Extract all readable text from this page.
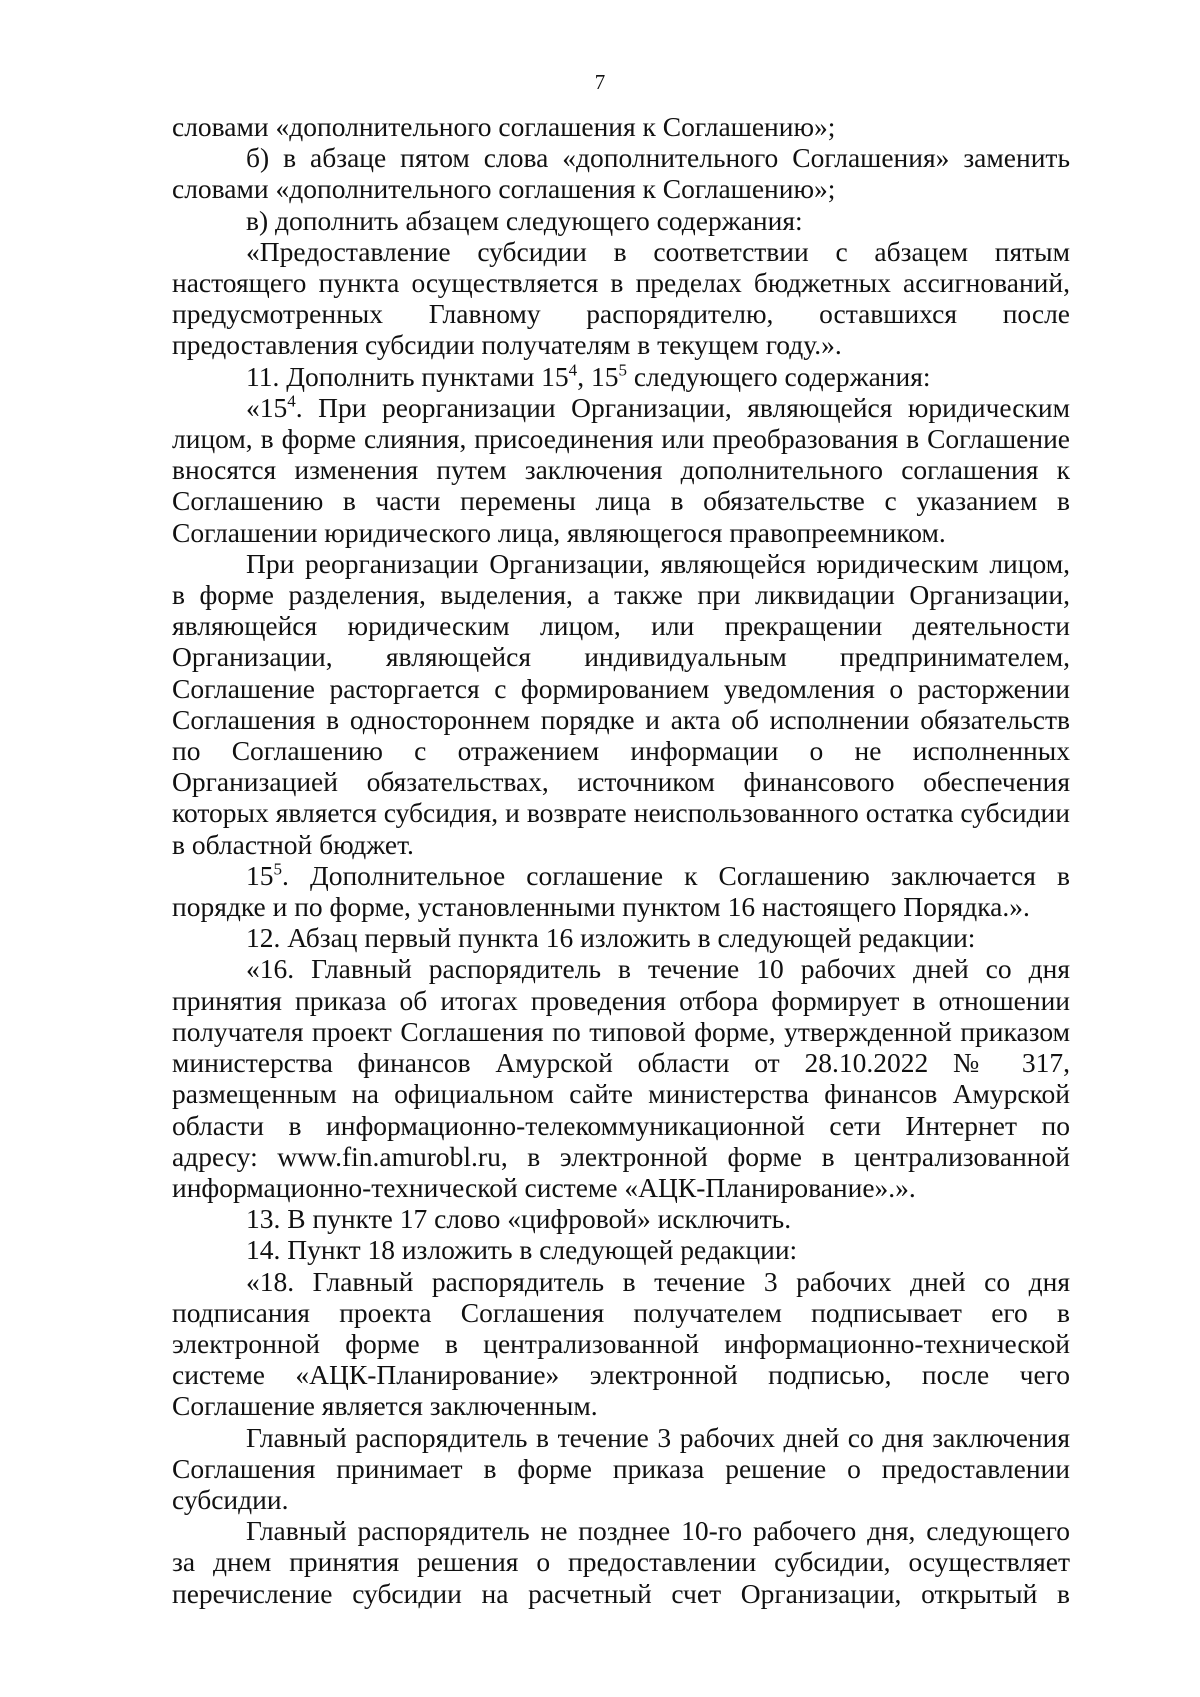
7

словами «дополнительного соглашения к Соглашению»;

б) в абзаце пятом слова «дополнительного Соглашения» заменить словами «дополнительного соглашения к Соглашению»;

в) дополнить абзацем следующего содержания:

«Предоставление субсидии в соответствии с абзацем пятым настоящего пункта осуществляется в пределах бюджетных ассигнований, предусмотренных Главному распорядителю, оставшихся после предоставления субсидии получателям в текущем году.».

11. Дополнить пунктами $15^4$, $15^5$ следующего содержания:

«$15^4$. При реорганизации Организации, являющейся юридическим лицом, в форме слияния, присоединения или преобразования в Соглашение вносятся изменения путем заключения дополнительного соглашения к Соглашению в части перемены лица в обязательстве с указанием в Соглашении юридического лица, являющегося правопреемником.

При реорганизации Организации, являющейся юридическим лицом, в форме разделения, выделения, а также при ликвидации Организации, являющейся юридическим лицом, или прекращении деятельности Организации, являющейся индивидуальным предпринимателем, Соглашение расторгается с формированием уведомления о расторжении Соглашения в одностороннем порядке и акта об исполнении обязательств по Соглашению с отражением информации о не исполненных Организацией обязательствах, источником финансового обеспечения которых является субсидия, и возврате неиспользованного остатка субсидии в областной бюджет.

$15^5$. Дополнительное соглашение к Соглашению заключается в порядке и по форме, установленными пунктом 16 настоящего Порядка.».

12. Абзац первый пункта 16 изложить в следующей редакции:

«16. Главный распорядитель в течение 10 рабочих дней со дня принятия приказа об итогах проведения отбора формирует в отношении получателя проект Соглашения по типовой форме, утвержденной приказом министерства финансов Амурской области от 28.10.2022 № 317, размещенным на официальном сайте министерства финансов Амурской области в информационно-телекоммуникационной сети Интернет по адресу: www.fin.amurobl.ru, в электронной форме в централизованной информационно-технической системе «АЦК-Планирование».».

13. В пункте 17 слово «цифровой» исключить.

14. Пункт 18 изложить в следующей редакции:

«18. Главный распорядитель в течение 3 рабочих дней со дня подписания проекта Соглашения получателем подписывает его в электронной форме в централизованной информационно-технической системе «АЦК-Планирование» электронной подписью, после чего Соглашение является заключенным.

Главный распорядитель в течение 3 рабочих дней со дня заключения Соглашения принимает в форме приказа решение о предоставлении субсидии.

Главный распорядитель не позднее 10-го рабочего дня, следующего за днем принятия решения о предоставлении субсидии, осуществляет перечисление субсидии на расчетный счет Организации, открытый в
